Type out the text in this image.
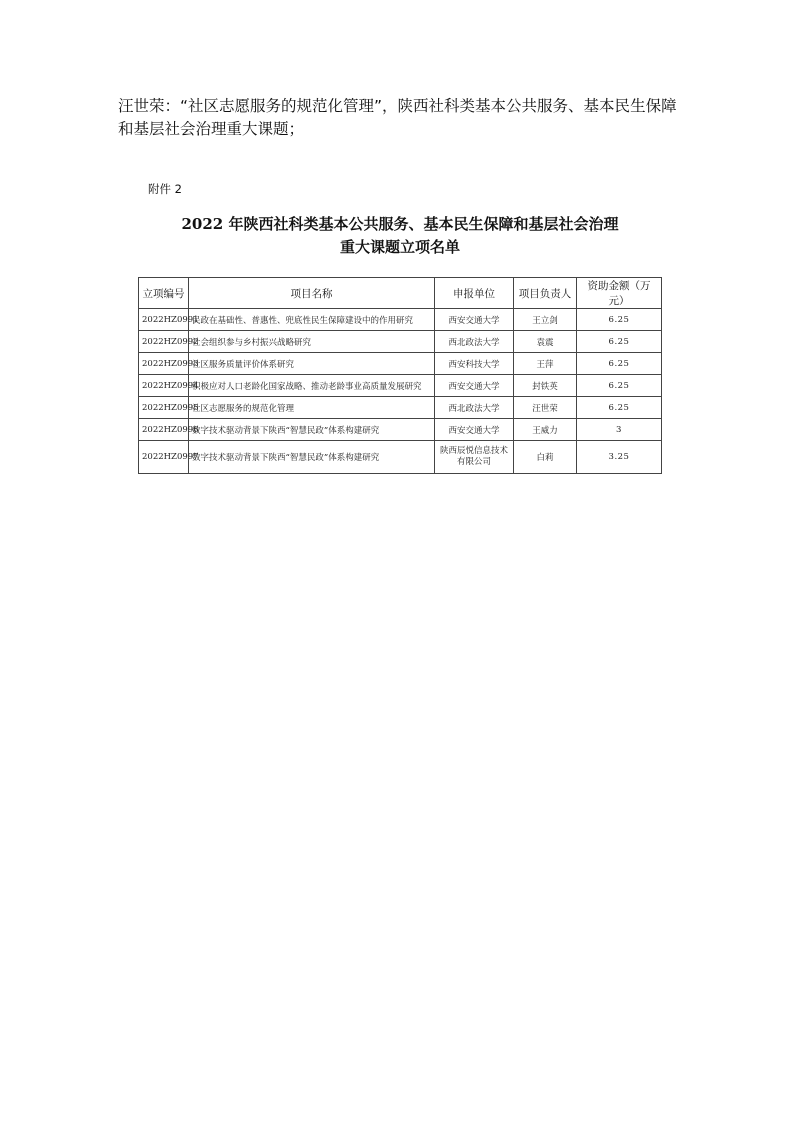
汪世荣：“社区志愿服务的规范化管理”，陕西社科类基本公共服务、基本民生保障和基层社会治理重大课题；
附件 2
2022 年陕西社科类基本公共服务、基本民生保障和基层社会治理
重大课题立项名单
立项编号	项目名称	申报单位	项目负责人	资助金额（万元）
2022HZ0991	民政在基础性、普惠性、兜底性民生保障建设中的作用研究	西安交通大学	王立剑	6.25
2022HZ0992	社会组织参与乡村振兴战略研究	西北政法大学	袁震	6.25
2022HZ0993	社区服务质量评价体系研究	西安科技大学	王萍	6.25
2022HZ0994	积极应对人口老龄化国家战略、推动老龄事业高质量发展研究	西安交通大学	封铁英	6.25
2022HZ0995	社区志愿服务的规范化管理	西北政法大学	汪世荣	6.25
2022HZ0996	数字技术驱动背景下陕西“智慧民政”体系构建研究	西安交通大学	王威力	3
2022HZ0997	数字技术驱动背景下陕西“智慧民政”体系构建研究	陕西辰悦信息技术有限公司	白莉	3.25
